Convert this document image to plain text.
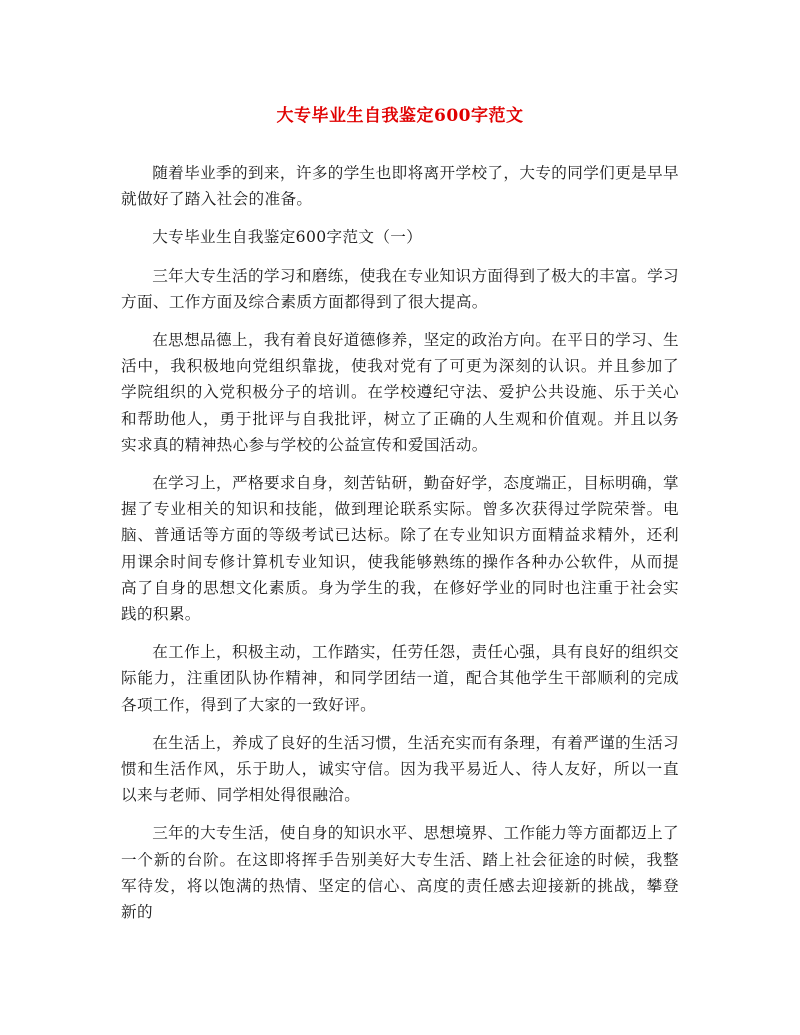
大专毕业生自我鉴定600字范文

随着毕业季的到来，许多的学生也即将离开学校了，大专的同学们更是早早就做好了踏入社会的准备。

大专毕业生自我鉴定600字范文（一）

三年大专生活的学习和磨练，使我在专业知识方面得到了极大的丰富。学习方面、工作方面及综合素质方面都得到了很大提高。

在思想品德上，我有着良好道德修养，坚定的政治方向。在平日的学习、生活中，我积极地向党组织靠拢，使我对党有了可更为深刻的认识。并且参加了学院组织的入党积极分子的培训。在学校遵纪守法、爱护公共设施、乐于关心和帮助他人，勇于批评与自我批评，树立了正确的人生观和价值观。并且以务实求真的精神热心参与学校的公益宣传和爱国活动。

在学习上，严格要求自身，刻苦钻研，勤奋好学，态度端正，目标明确，掌握了专业相关的知识和技能，做到理论联系实际。曾多次获得过学院荣誉。电脑、普通话等方面的等级考试已达标。除了在专业知识方面精益求精外，还利用课余时间专修计算机专业知识，使我能够熟练的操作各种办公软件，从而提高了自身的思想文化素质。身为学生的我，在修好学业的同时也注重于社会实践的积累。

在工作上，积极主动，工作踏实，任劳任怨，责任心强，具有良好的组织交际能力，注重团队协作精神，和同学团结一道，配合其他学生干部顺利的完成各项工作，得到了大家的一致好评。

在生活上，养成了良好的生活习惯，生活充实而有条理，有着严谨的生活习惯和生活作风，乐于助人，诚实守信。因为我平易近人、待人友好，所以一直以来与老师、同学相处得很融洽。

三年的大专生活，使自身的知识水平、思想境界、工作能力等方面都迈上了一个新的台阶。在这即将挥手告别美好大专生活、踏上社会征途的时候，我整军待发，将以饱满的热情、坚定的信心、高度的责任感去迎接新的挑战，攀登新的
